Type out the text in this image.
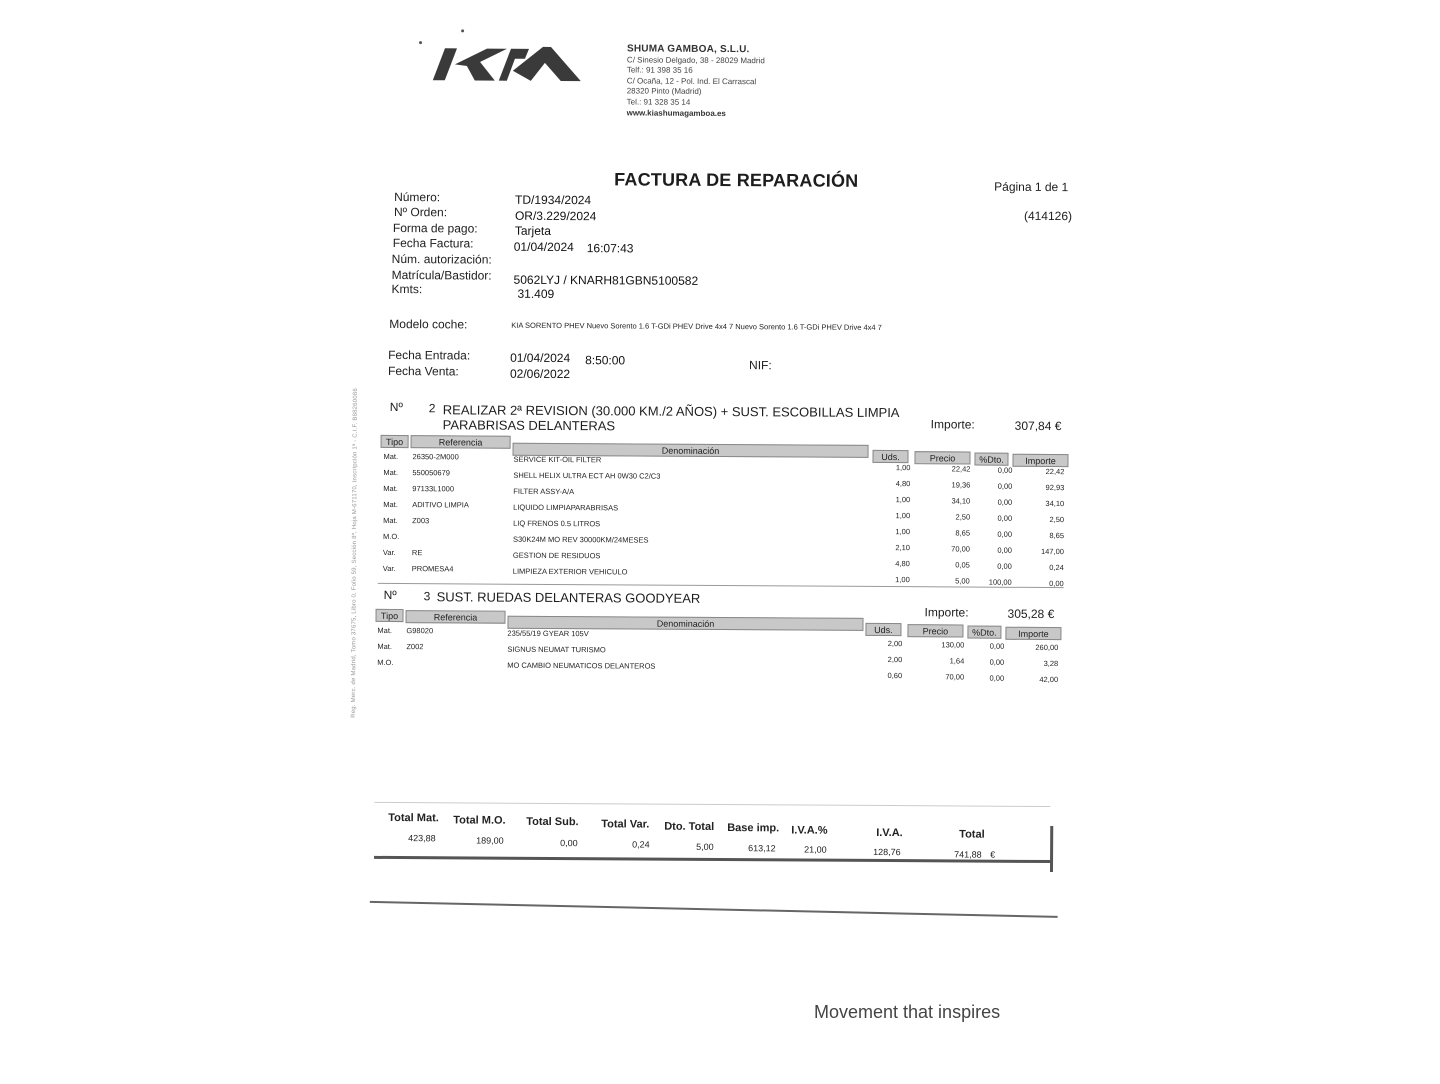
SHUMA GAMBOA, S.L.U.
C/ Sinesio Delgado, 38 - 28029 Madrid
Telf.: 91 398 35 16
C/ Ocaña, 12 - Pol. Ind. El Carrascal
28320 Pinto (Madrid)
Tel.: 91 328 35 14
www.kiashumagamboa.es
FACTURA DE REPARACIÓN	Página 1 de 1
(414126)
Número:	TD/1934/2024
Nº Orden:	OR/3.229/2024
Forma de pago:	Tarjeta
Fecha Factura:	01/04/2024 16:07:43
Núm. autorización:
Matrícula/Bastidor: 5062LYJ / KNARH81GBN5100582
Kmts:	31.409
Modelo coche:	KIA SORENTO PHEV Nuevo Sorento 1.6 T-GDi PHEV Drive 4x4 7 Nuevo Sorento 1.6 T-GDi PHEV Drive 4x4 7
Fecha Entrada:	01/04/2024 8:50:00	NIF:
Fecha Venta:	02/06/2022
Nº 2 REALIZAR 2ª REVISION (30.000 KM./2 AÑOS) + SUST. ESCOBILLAS LIMPIA PARABRISAS DELANTERAS	Importe:	307,84 €
Tipo	Referencia
Denominación
Uds.	Precio	%Dto.	Importe
Mat. 26350-2M000	SERVICE KIT-OIL FILTER
1,00	22,42	0,00	22,42
Mat. 550050679	SHELL HELIX ULTRA ECT AH 0W30 C2/C3
4,80	19,36	0,00	92,93
Mat. 97133L1000	FILTER ASSY-A/A
1,00	34,10	0,00	34,10
Mat. ADITIVO LIMPIA	LIQUIDO LIMPIAPARABRISAS
1,00	2,50	0,00	2,50
Mat. Z003	LIQ FRENOS 0.5 LITROS
1,00	8,65	0,00	8,65
M.O.	S30K24M MO REV 30000KM/24MESES
2,10	70,00	0,00	147,00
Var. RE	GESTION DE RESIDUOS
4,80	0,05	0,00	0,24
Var. PROMESA4	LIMPIEZA EXTERIOR VEHICULO
1,00	5,00	100,00	0,00
Nº 3 SUST. RUEDAS DELANTERAS GOODYEAR
Importe:	305,28 €
Tipo	Referencia
Denominación
Uds.	Precio	%Dto.	Importe
Mat. G98020	235/55/19 GYEAR 105V
2,00	130,00	0,00	260,00
Mat. Z002	SIGNUS NEUMAT TURISMO
2,00	1,64	0,00	3,28
M.O.	MO CAMBIO NEUMATICOS DELANTEROS
0,60	70,00	0,00	42,00
Total Mat.
423,88
Total M.O.
189,00
Total Sub.
0,00
Total Var.
0,24
Dto. Total
5,00
Base imp.
613,12
I.V.A.%
21,00
I.V.A.
128,76
Total
741,88 €
Reg. Merc. de Madrid, Tomo 37675, Libro 0, Folio 59, Sección 8ª, Hoja M-671170, Inscripción 1ª - C.I.F. B88260086
Movement that inspires
